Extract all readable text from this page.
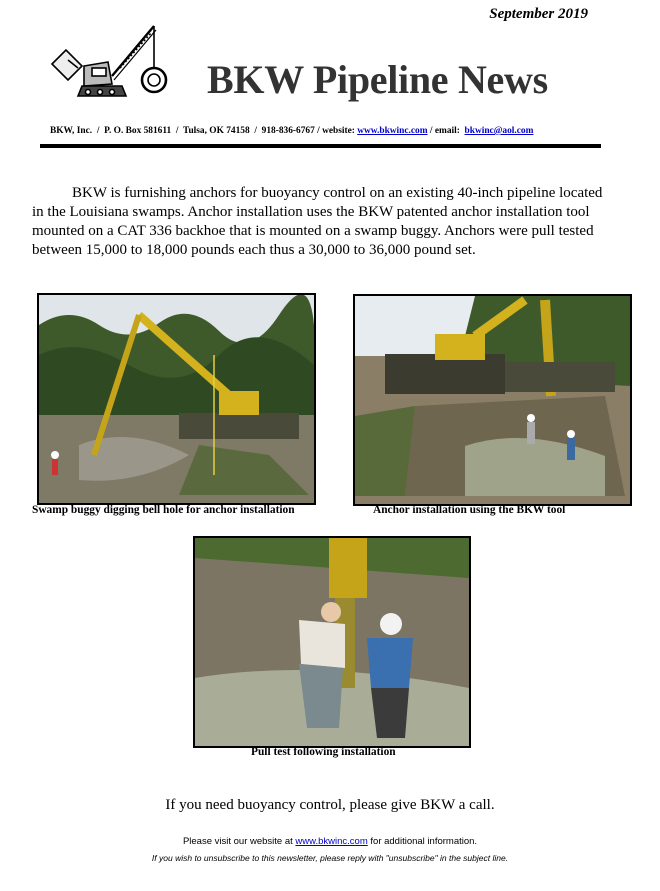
September 2019
BKW Pipeline News
BKW, Inc.  /  P. O. Box 581611  /  Tulsa, OK 74158  /  918-836-6767 / website: www.bkwinc.com / email: bkwinc@aol.com

BKW is furnishing anchors for buoyancy control on an existing 40-inch pipeline located in the Louisiana swamps. Anchor installation uses the BKW patented anchor installation tool mounted on a CAT 336 backhoe that is mounted on a swamp buggy. Anchors were pull tested between 15,000 to 18,000 pounds each thus a 30,000 to 36,000 pound set.

Swamp buggy digging bell hole for anchor installation	Anchor installation using the BKW tool
Pull test following installation
If you need buoyancy control, please give BKW a call.
Please visit our website at www.bkwinc.com for additional information.
If you wish to unsubscribe to this newsletter, please reply with "unsubscribe" in the subject line.
